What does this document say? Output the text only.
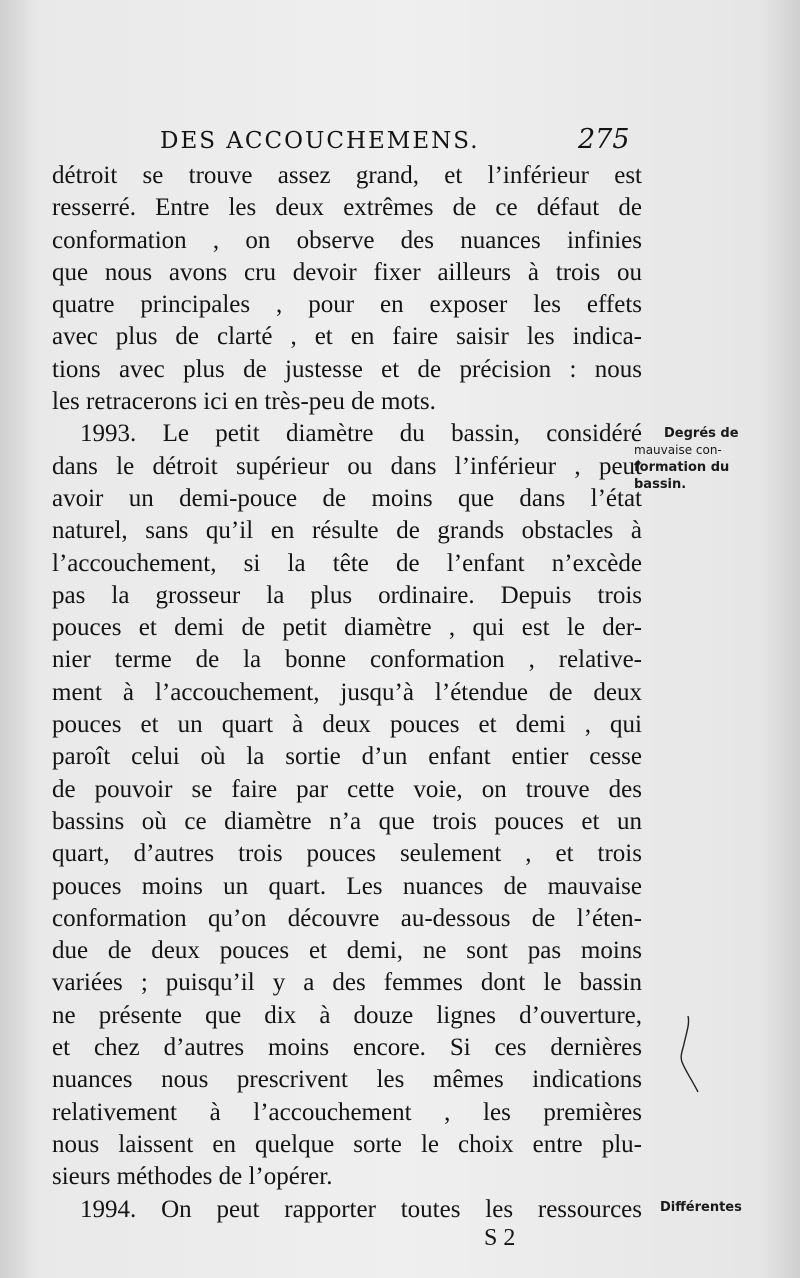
DES ACCOUCHEMENS.	275
détroit se trouve assez grand, et l’inférieur est
resserré. Entre les deux extrêmes de ce défaut de
conformation , on observe des nuances infinies
que nous avons cru devoir fixer ailleurs à trois ou
quatre principales , pour en exposer les effets
avec plus de clarté , et en faire saisir les indica-
tions avec plus de justesse et de précision : nous
les retracerons ici en très-peu de mots.
1993. Le petit diamètre du bassin, considéré
dans le détroit supérieur ou dans l’inférieur , peut
avoir un demi-pouce de moins que dans l’état
naturel, sans qu’il en résulte de grands obstacles à
l’accouchement, si la tête de l’enfant n’excède
pas la grosseur la plus ordinaire. Depuis trois
pouces et demi de petit diamètre , qui est le der-
nier terme de la bonne conformation , relative-
ment à l’accouchement, jusqu’à l’étendue de deux
pouces et un quart à deux pouces et demi , qui
paroît celui où la sortie d’un enfant entier cesse
de pouvoir se faire par cette voie, on trouve des
bassins où ce diamètre n’a que trois pouces et un
quart, d’autres trois pouces seulement , et trois
pouces moins un quart. Les nuances de mauvaise
conformation qu’on découvre au-dessous de l’éten-
due de deux pouces et demi, ne sont pas moins
variées ; puisqu’il y a des femmes dont le bassin
ne présente que dix à douze lignes d’ouverture,
et chez d’autres moins encore. Si ces dernières
nuances nous prescrivent les mêmes indications
relativement à l’accouchement , les premières
nous laissent en quelque sorte le choix entre plu-
sieurs méthodes de l’opérer.
1994. On peut rapporter toutes les ressources
Degrés de
mauvaise con-
formation du
bassin.
Différentes
S 2
